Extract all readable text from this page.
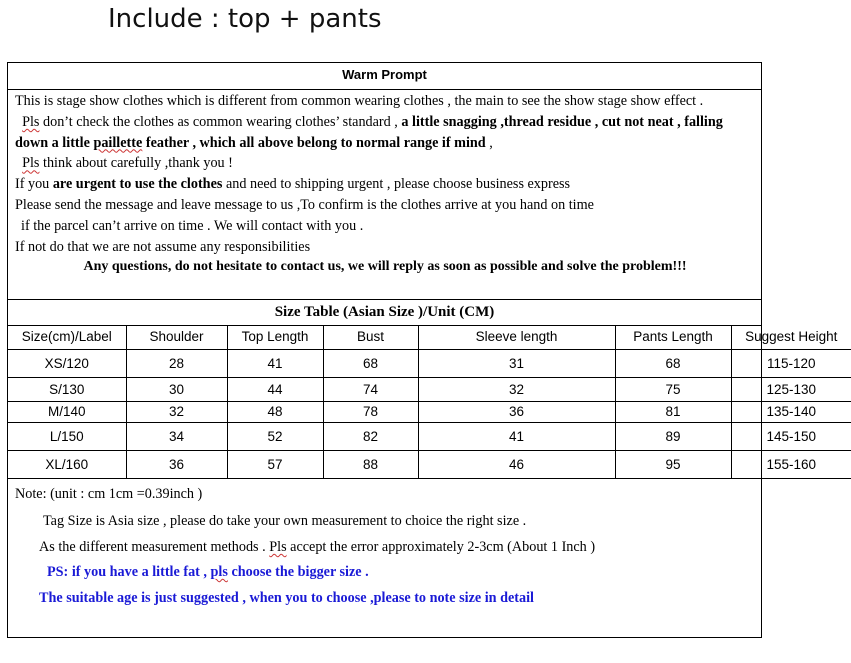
Include : top + pants
Warm Prompt

This is stage show clothes which is different from common wearing clothes , the main to see the show stage show effect .

Pls don’t check the clothes as common wearing clothes’ standard , a little snagging ,thread residue , cut not neat , falling down a little paillette feather , which all above belong to normal range if mind ,

Pls think about carefully ,thank you !

If you are urgent to use the clothes and need to shipping urgent , please choose business express

Please send the message and leave message to us ,To confirm is the clothes arrive at you hand on time

if the parcel can’t arrive on time . We will contact with you .

If not do that we are not assume any responsibilities

Any questions, do not hesitate to contact us, we will reply as soon as possible and solve the problem!!!

Size Table (Asian Size )/Unit (CM)
Size(cm)/Label	Shoulder	Top Length	Bust	Sleeve length	Pants Length	Suggest Height
XS/120	28	41	68	31	68	115-120
S/130	30	44	74	32	75	125-130
M/140	32	48	78	36	81	135-140
L/150	34	52	82	41	89	145-150
XL/160	36	57	88	46	95	155-160

Note: (unit : cm 1cm =0.39inch )

Tag Size is Asia size , please do take your own measurement to choice the right size .

As the different measurement methods . Pls accept the error approximately 2-3cm (About 1 Inch )

PS: if you have a little fat , pls choose the bigger size .

The suitable age is just suggested , when you to choose ,please to note size in detail
